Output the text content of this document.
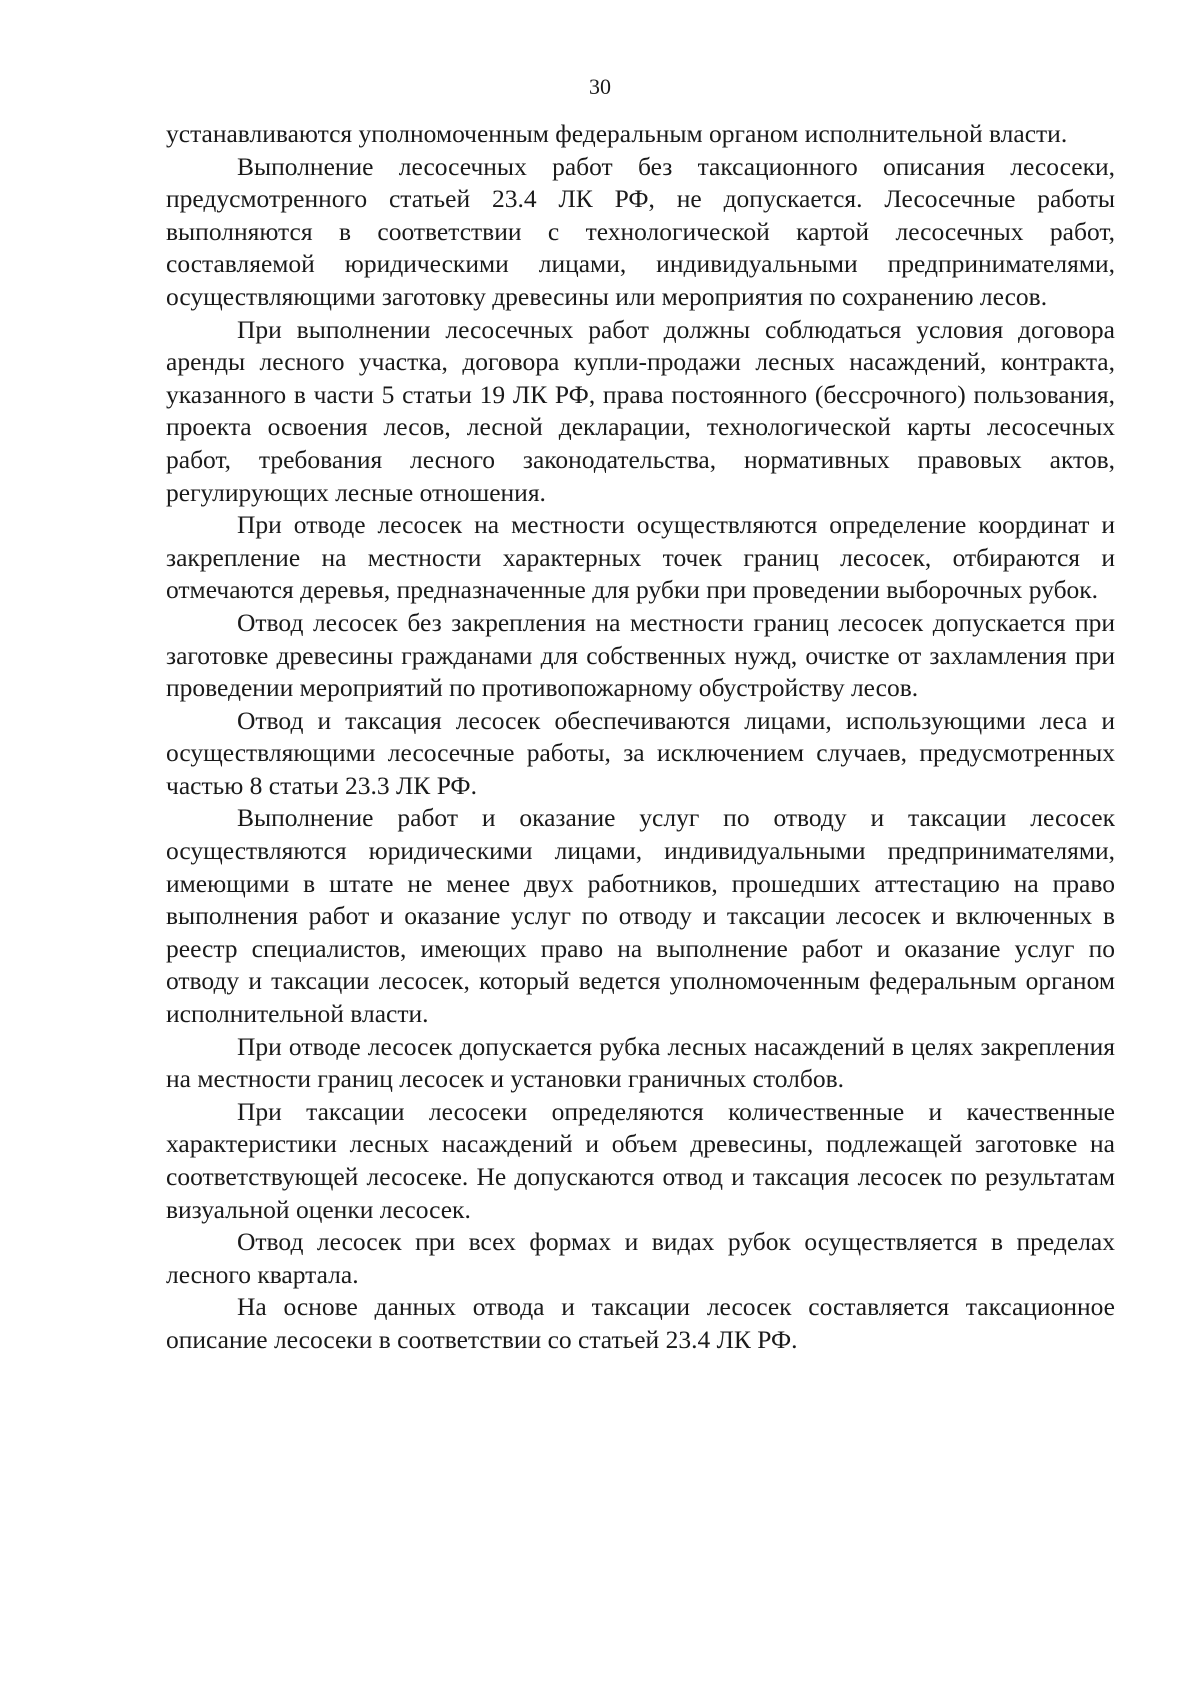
30

устанавливаются уполномоченным федеральным органом исполнительной власти.

Выполнение лесосечных работ без таксационного описания лесосеки, предусмотренного статьей 23.4 ЛК РФ, не допускается. Лесосечные работы выполняются в соответствии с технологической картой лесосечных работ, составляемой юридическими лицами, индивидуальными предпринимателями, осуществляющими заготовку древесины или мероприятия по сохранению лесов.

При выполнении лесосечных работ должны соблюдаться условия договора аренды лесного участка, договора купли-продажи лесных насаждений, контракта, указанного в части 5 статьи 19 ЛК РФ, права постоянного (бессрочного) пользования, проекта освоения лесов, лесной декларации, технологической карты лесосечных работ, требования лесного законодательства, нормативных правовых актов, регулирующих лесные отношения.

При отводе лесосек на местности осуществляются определение координат и закрепление на местности характерных точек границ лесосек, отбираются и отмечаются деревья, предназначенные для рубки при проведении выборочных рубок.

Отвод лесосек без закрепления на местности границ лесосек допускается при заготовке древесины гражданами для собственных нужд, очистке от захламления при проведении мероприятий по противопожарному обустройству лесов.

Отвод и таксация лесосек обеспечиваются лицами, использующими леса и осуществляющими лесосечные работы, за исключением случаев, предусмотренных частью 8 статьи 23.3 ЛК РФ.

Выполнение работ и оказание услуг по отводу и таксации лесосек осуществляются юридическими лицами, индивидуальными предпринимателями, имеющими в штате не менее двух работников, прошедших аттестацию на право выполнения работ и оказание услуг по отводу и таксации лесосек и включенных в реестр специалистов, имеющих право на выполнение работ и оказание услуг по отводу и таксации лесосек, который ведется уполномоченным федеральным органом исполнительной власти.

При отводе лесосек допускается рубка лесных насаждений в целях закрепления на местности границ лесосек и установки граничных столбов.

При таксации лесосеки определяются количественные и качественные характеристики лесных насаждений и объем древесины, подлежащей заготовке на соответствующей лесосеке. Не допускаются отвод и таксация лесосек по результатам визуальной оценки лесосек.

Отвод лесосек при всех формах и видах рубок осуществляется в пределах лесного квартала.

На основе данных отвода и таксации лесосек составляется таксационное описание лесосеки в соответствии со статьей 23.4 ЛК РФ.
